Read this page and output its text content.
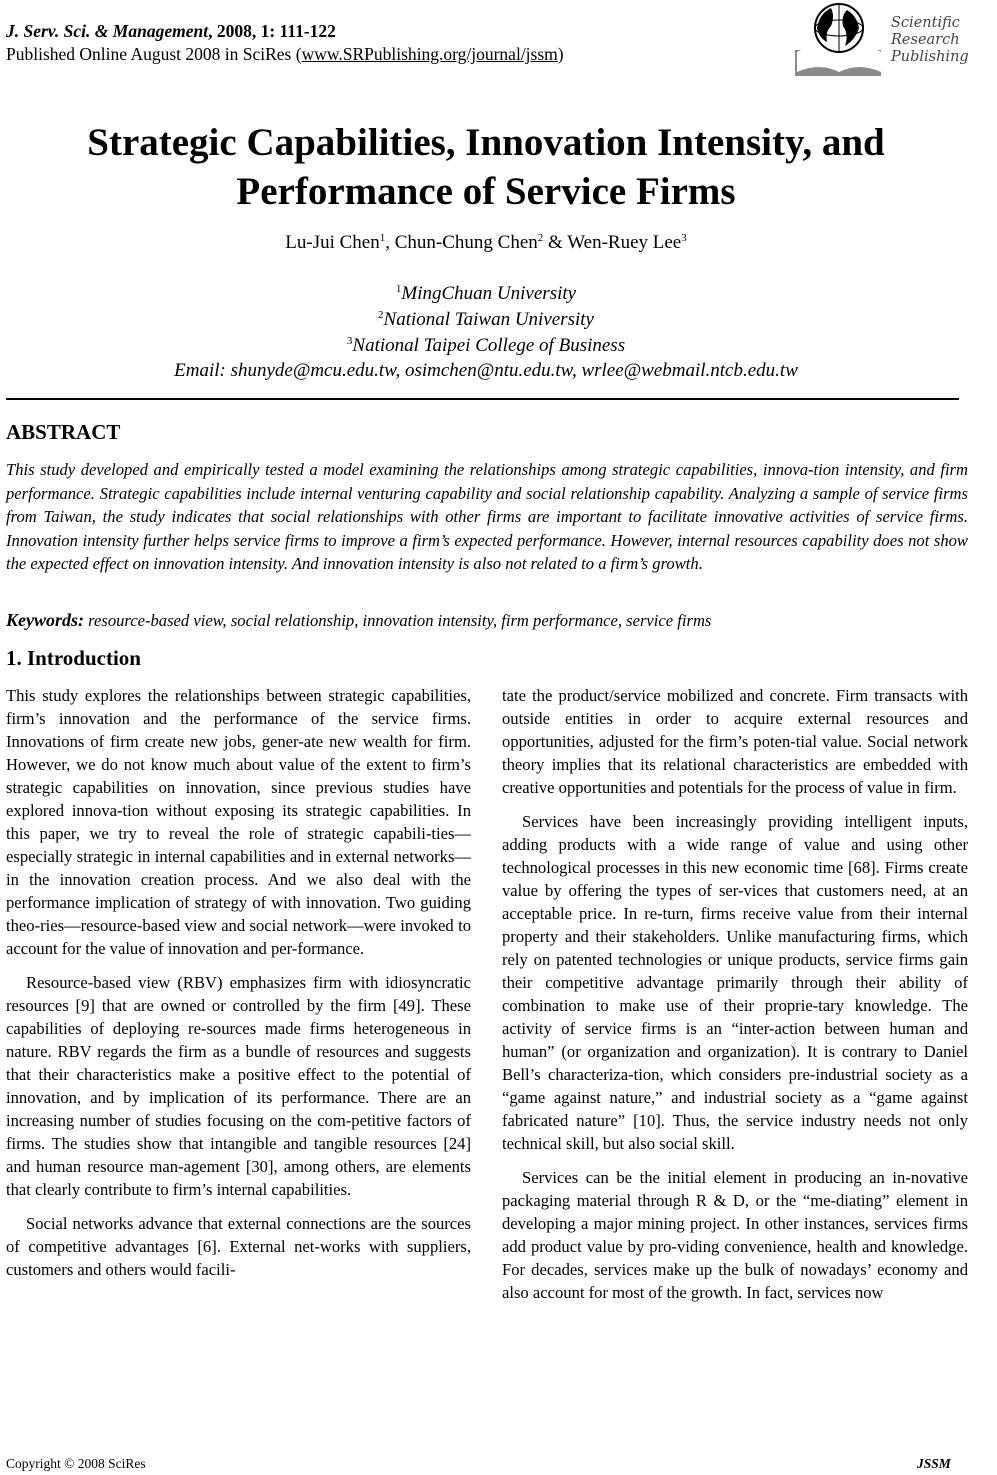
J. Serv. Sci. & Management, 2008, 1: 111-122
Published Online August 2008 in SciRes (www.SRPublishing.org/journal/jssm)
Scientific
Research
Publishing
Strategic Capabilities, Innovation Intensity, and
Performance of Service Firms
Lu-Jui Chen$^1$, Chun-Chung Chen$^2$ & Wen-Ruey Lee$^3$
$^1$MingChuan University
$^2$National Taiwan University
$^3$National Taipei College of Business
Email: shunyde@mcu.edu.tw, osimchen@ntu.edu.tw, wrlee@webmail.ntcb.edu.tw
ABSTRACT
This study developed and empirically tested a model examining the relationships among strategic capabilities, innova-tion intensity, and firm performance. Strategic capabilities include internal venturing capability and social relationship capability. Analyzing a sample of service firms from Taiwan, the study indicates that social relationships with other firms are important to facilitate innovative activities of service firms. Innovation intensity further helps service firms to improve a firm’s expected performance. However, internal resources capability does not show the expected effect on innovation intensity. And innovation intensity is also not related to a firm’s growth.
Keywords: resource-based view, social relationship, innovation intensity, firm performance, service firms
1. Introduction

This study explores the relationships between strategic capabilities, firm’s innovation and the performance of the service firms. Innovations of firm create new jobs, gener-ate new wealth for firm. However, we do not know much about value of the extent to firm’s strategic capabilities on innovation, since previous studies have explored innova-tion without exposing its strategic capabilities. In this paper, we try to reveal the role of strategic capabili-ties—especially strategic in internal capabilities and in external networks—in the innovation creation process. And we also deal with the performance implication of strategy of with innovation. Two guiding theo-ries—resource-based view and social network—were invoked to account for the value of innovation and per-formance.

Resource-based view (RBV) emphasizes firm with idiosyncratic resources [9] that are owned or controlled by the firm [49]. These capabilities of deploying re-sources made firms heterogeneous in nature. RBV regards the firm as a bundle of resources and suggests that their characteristics make a positive effect to the potential of innovation, and by implication of its performance. There are an increasing number of studies focusing on the com-petitive factors of firms. The studies show that intangible and tangible resources [24] and human resource man-agement [30], among others, are elements that clearly contribute to firm’s internal capabilities.

Social networks advance that external connections are the sources of competitive advantages [6]. External net-works with suppliers, customers and others would facili-

tate the product/service mobilized and concrete. Firm transacts with outside entities in order to acquire external resources and opportunities, adjusted for the firm’s poten-tial value. Social network theory implies that its relational characteristics are embedded with creative opportunities and potentials for the process of value in firm.

Services have been increasingly providing intelligent inputs, adding products with a wide range of value and using other technological processes in this new economic time [68]. Firms create value by offering the types of ser-vices that customers need, at an acceptable price. In re-turn, firms receive value from their internal property and their stakeholders. Unlike manufacturing firms, which rely on patented technologies or unique products, service firms gain their competitive advantage primarily through their ability of combination to make use of their proprie-tary knowledge. The activity of service firms is an “inter-action between human and human” (or organization and organization). It is contrary to Daniel Bell’s characteriza-tion, which considers pre-industrial society as a “game against nature,” and industrial society as a “game against fabricated nature” [10]. Thus, the service industry needs not only technical skill, but also social skill.

Services can be the initial element in producing an in-novative packaging material through R & D, or the “me-diating” element in developing a major mining project. In other instances, services firms add product value by pro-viding convenience, health and knowledge. For decades, services make up the bulk of nowadays’ economy and also account for most of the growth. In fact, services now

Copyright © 2008 SciRes	JSSM
